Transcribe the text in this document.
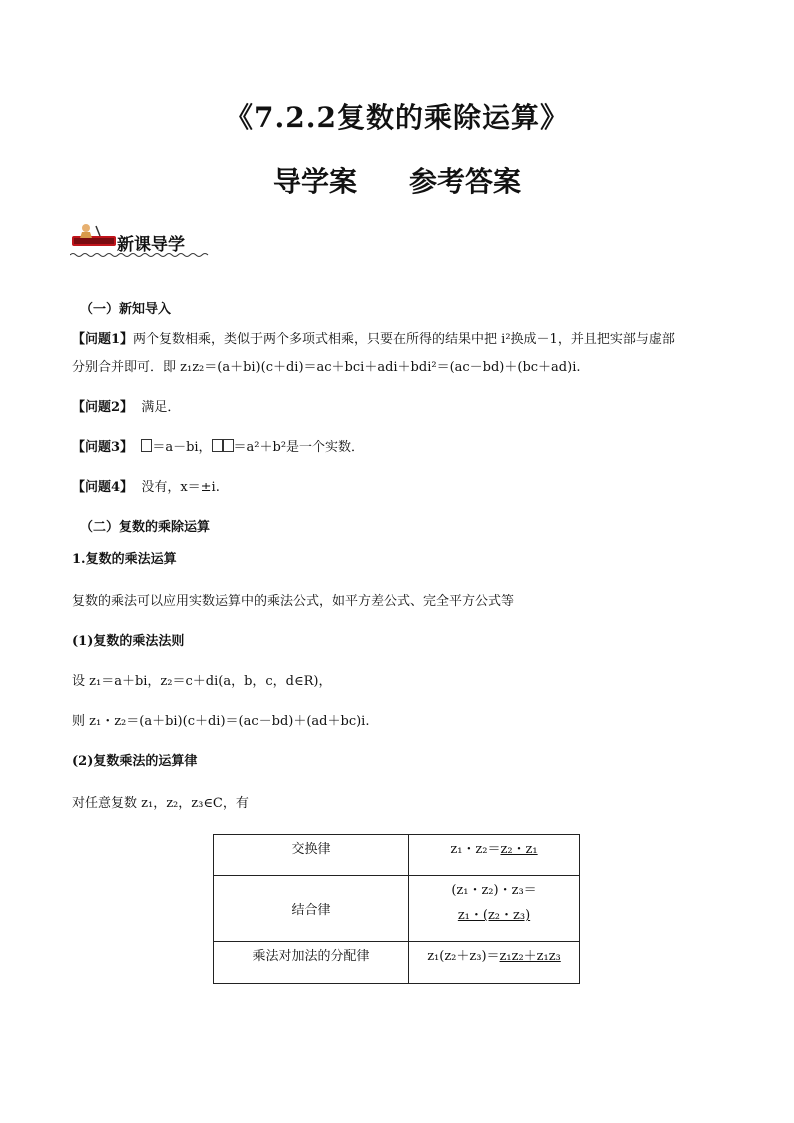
《7.2.2复数的乘除运算》
导学案 参考答案
新课导学
（一）新知导入
【问题1】两个复数相乘，类似于两个多项式相乘，只要在所得的结果中把 i²换成－1，并且把实部与虚部
分别合并即可．即 z₁z₂＝(a＋bi)(c＋di)＝ac＋bci＋adi＋bdi²＝(ac－bd)＋(bc＋ad)i.
【问题2】 满足．
【问题3】 ＝a－bi， ＝a²＋b²是一个实数．
【问题4】 没有，x＝±i.
（二）复数的乘除运算
1.复数的乘法运算
复数的乘法可以应用实数运算中的乘法公式，如平方差公式、完全平方公式等
(1)复数的乘法法则
设 z₁＝a＋bi，z₂＝c＋di(a，b，c，d∈R)，
则 z₁・z₂＝(a＋bi)(c＋di)＝(ac－bd)＋(ad＋bc)i.
(2)复数乘法的运算律
对任意复数 z₁，z₂，z₃∈C，有
交换律	z₁・z₂＝z₂・z₁
结合律	(z₁・z₂)・z₃＝
z₁・(z₂・z₃)

乘法对加法的分配律	z₁(z₂＋z₃)＝z₁z₂＋z₁z₃
